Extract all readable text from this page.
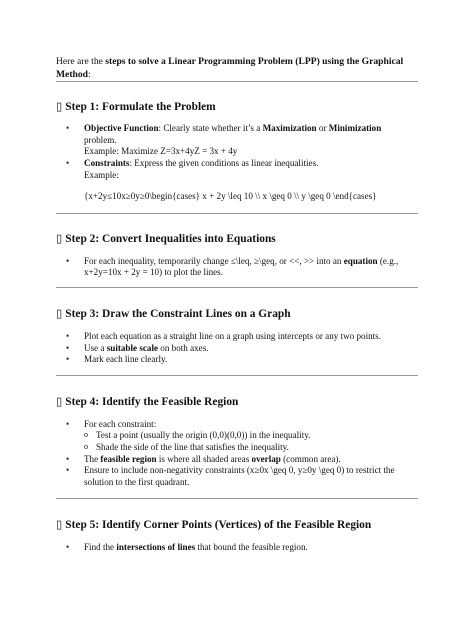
Here are the steps to solve a Linear Programming Problem (LPP) using the Graphical Method:
▯ Step 1: Formulate the Problem
• Objective Function: Clearly state whether it’s a Maximization or Minimization
problem.
Example: Maximize Z=3x+4yZ = 3x + 4y
• Constraints: Express the given conditions as linear inequalities.
Example:
{x+2y≤10x≥0y≥0\begin{cases} x + 2y \leq 10 \\ x \geq 0 \\ y \geq 0 \end{cases}
▯ Step 2: Convert Inequalities into Equations
• For each inequality, temporarily change ≤\leq, ≥\geq, or <<, >> into an equation (e.g.,
x+2y=10x + 2y = 10) to plot the lines.
▯ Step 3: Draw the Constraint Lines on a Graph
• Plot each equation as a straight line on a graph using intercepts or any two points.
• Use a suitable scale on both axes.
• Mark each line clearly.
▯ Step 4: Identify the Feasible Region
• For each constraint:
o Test a point (usually the origin (0,0)(0,0)) in the inequality.
o Shade the side of the line that satisfies the inequality.
• The feasible region is where all shaded areas overlap (common area).
• Ensure to include non-negativity constraints (x≥0x \geq 0, y≥0y \geq 0) to restrict the
solution to the first quadrant.
▯ Step 5: Identify Corner Points (Vertices) of the Feasible Region
• Find the intersections of lines that bound the feasible region.
